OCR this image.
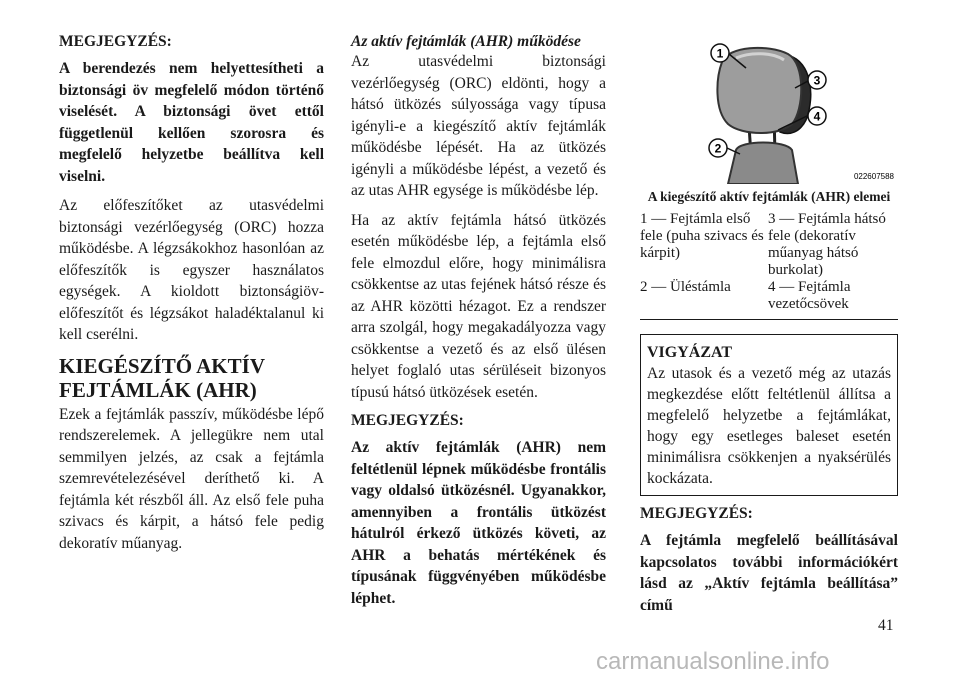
MEGJEGYZÉS:

A berendezés nem helyettesítheti a biztonsági öv megfelelő módon történő viselését. A biztonsági övet ettől függetlenül kellően szorosra és megfelelő helyzetbe beállítva kell viselni.

Az előfeszítőket az utasvédelmi biztonsági vezérlőegység (ORC) hozza működésbe. A légzsákokhoz hasonlóan az előfeszítők is egyszer használatos egységek. A kioldott biztonságiöv-előfeszítőt és légzsákot haladéktalanul ki kell cserélni.

KIEGÉSZÍTŐ AKTÍV FEJTÁMLÁK (AHR)

Ezek a fejtámlák passzív, működésbe lépő rendszerelemek. A jellegükre nem utal semmilyen jelzés, az csak a fejtámla szemrevételezésével deríthető ki. A fejtámla két részből áll. Az első fele puha szivacs és kárpit, a hátsó fele pedig dekoratív műanyag.

Az aktív fejtámlák (AHR) működése

Az utasvédelmi biztonsági vezérlőegység (ORC) eldönti, hogy a hátsó ütközés súlyossága vagy típusa igényli-e a kiegészítő aktív fejtámlák működésbe lépését. Ha az ütközés igényli a működésbe lépést, a vezető és az utas AHR egysége is működésbe lép.

Ha az aktív fejtámla hátsó ütközés esetén működésbe lép, a fejtámla első fele elmozdul előre, hogy minimálisra csökkentse az utas fejének hátsó része és az AHR közötti hézagot. Ez a rendszer arra szolgál, hogy megakadályozza vagy csökkentse a vezető és az első ülésen helyet foglaló utas sérüléseit bizonyos típusú hátsó ütközések esetén.

MEGJEGYZÉS:

Az aktív fejtámlák (AHR) nem feltétlenül lépnek működésbe frontális vagy oldalsó ütközésnél. Ugyanakkor, amennyiben a frontális ütközést hátulról érkező ütközés követi, az AHR a behatás mértékének és típusának függvényében működésbe léphet.

1
2
3
4
022607588

A kiegészítő aktív fejtámlák (AHR) elemei

1 — Fejtámla első fele (puha szivacs és kárpit)
3 — Fejtámla hátsó fele (dekoratív műanyag hátsó burkolat)
2 — Üléstámla	4 — Fejtámla vezetőcsövek

VIGYÁZAT

Az utasok és a vezető még az utazás megkezdése előtt feltétlenül állítsa a megfelelő helyzetbe a fejtámlákat, hogy egy esetleges baleset esetén minimálisra csökkenjen a nyaksérülés kockázata.

MEGJEGYZÉS:

A fejtámla megfelelő beállításával kapcsolatos további információkért lásd az „Aktív fejtámla beállítása” című

41
carmanualsonline.info
